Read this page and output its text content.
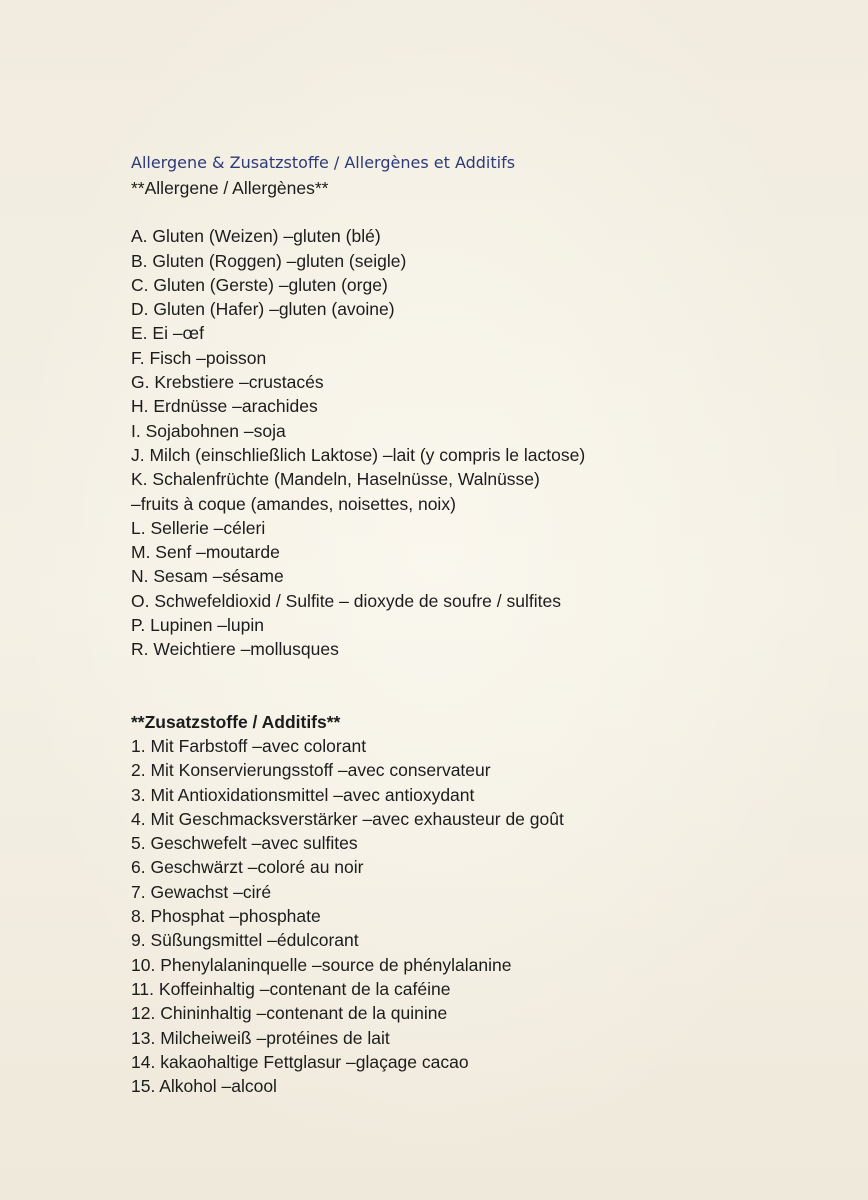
Allergene & Zusatzstoffe / Allergènes et Additifs
**Allergene / Allergènes**
A. Gluten (Weizen) –gluten (blé)
B. Gluten (Roggen) –gluten (seigle)
C. Gluten (Gerste) –gluten (orge)
D. Gluten (Hafer) –gluten (avoine)
E. Ei –œf
F. Fisch –poisson
G. Krebstiere –crustacés
H. Erdnüsse –arachides
I. Sojabohnen –soja
J. Milch (einschließlich Laktose) –lait (y compris le lactose)
K. Schalenfrüchte (Mandeln, Haselnüsse, Walnüsse)
–fruits à coque (amandes, noisettes, noix)
L. Sellerie –céleri
M. Senf –moutarde
N. Sesam –sésame
O. Schwefeldioxid / Sulfite – dioxyde de soufre / sulfites
P. Lupinen –lupin
R. Weichtiere –mollusques
**Zusatzstoffe / Additifs**
1. Mit Farbstoff –avec colorant
2. Mit Konservierungsstoff –avec conservateur
3. Mit Antioxidationsmittel –avec antioxydant
4. Mit Geschmacksverstärker –avec exhausteur de goût
5. Geschwefelt –avec sulfites
6. Geschwärzt –coloré au noir
7. Gewachst –ciré
8. Phosphat –phosphate
9. Süßungsmittel –édulcorant
10. Phenylalaninquelle –source de phénylalanine
11. Koffeinhaltig –contenant de la caféine
12. Chininhaltig –contenant de la quinine
13. Milcheiweiß –protéines de lait
14. kakaohaltige Fettglasur –glaçage cacao
15. Alkohol –alcool
